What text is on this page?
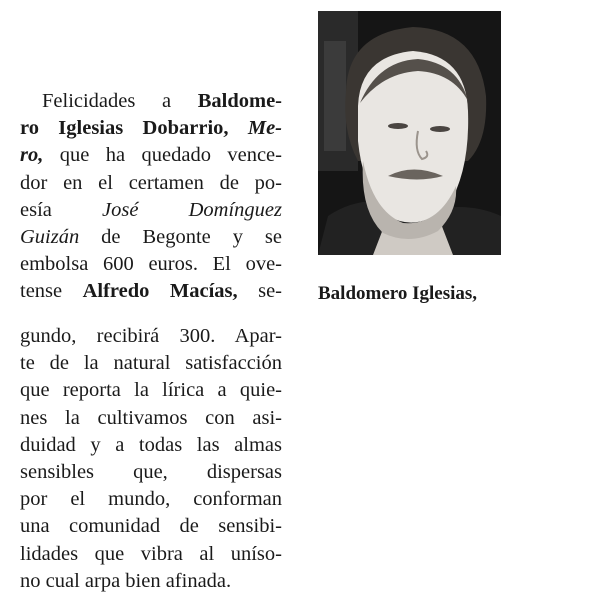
Felicidades a Baldome-
ro Iglesias Dobarrio, Me-
ro, que ha quedado vence-
dor en el certamen de po-
esía José Domínguez
Guizán de Begonte y se
embolsa 600 euros. El ove-
tense Alfredo Macías, se-
gundo, recibirá 300. Apar-
te de la natural satisfacción
que reporta la lírica a quie-
nes la cultivamos con asi-
duidad y a todas las almas
sensibles que, dispersas
por el mundo, conforman
una comunidad de sensibi-
lidades que vibra al uníso-
no cual arpa bien afinada.
Baldomero Iglesias,
